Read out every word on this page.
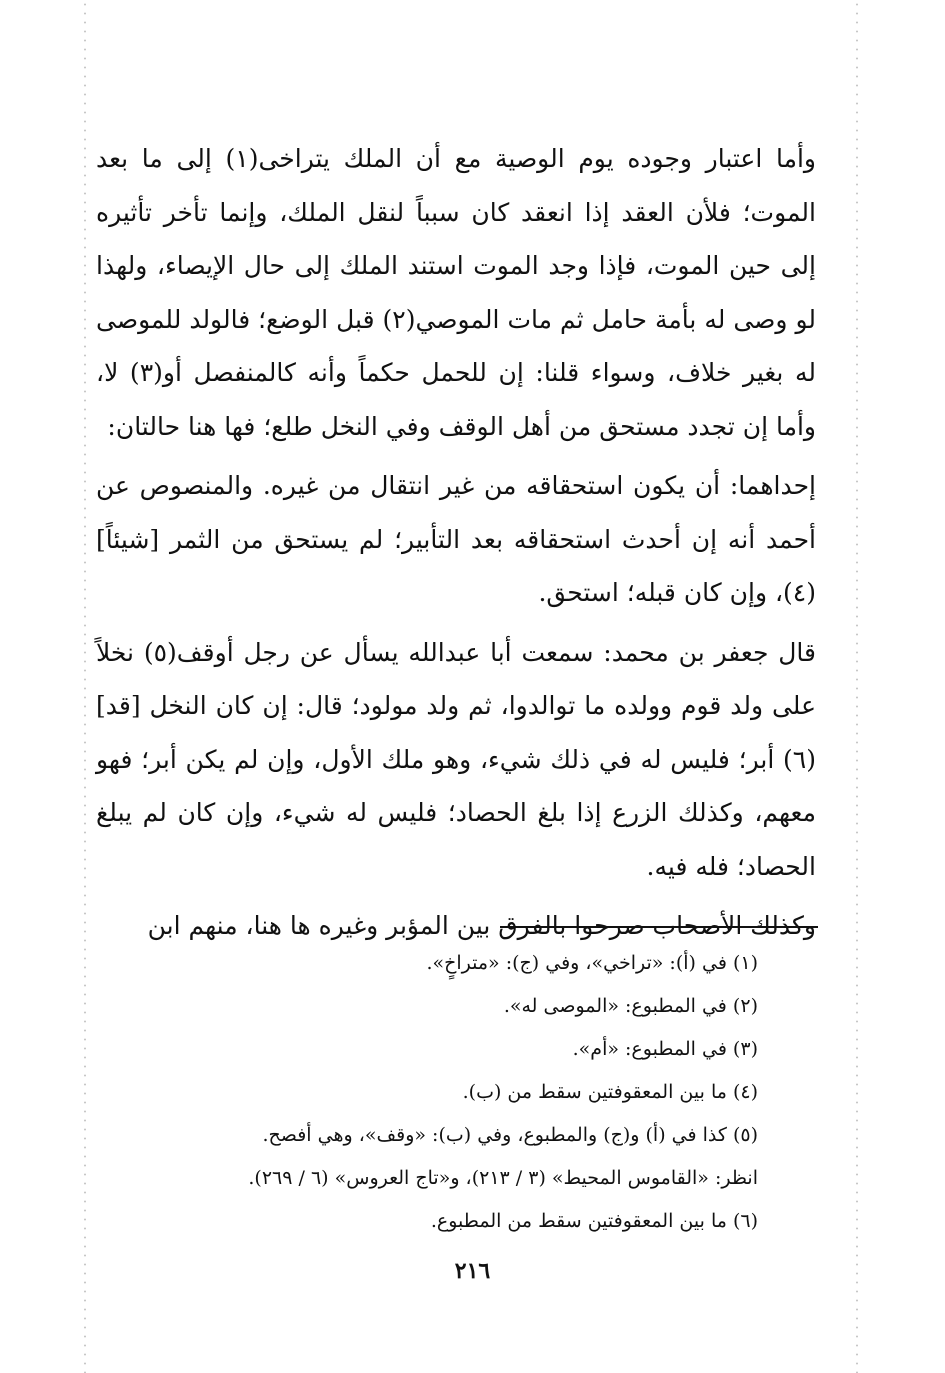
وأما اعتبار وجوده يوم الوصية مع أن الملك يتراخى(١) إلى ما بعد الموت؛ فلأن العقد إذا انعقد كان سبباً لنقل الملك، وإنما تأخر تأثيره إلى حين الموت، فإذا وجد الموت استند الملك إلى حال الإيصاء، ولهذا لو وصى له بأمة حامل ثم مات الموصي(٢) قبل الوضع؛ فالولد للموصى له بغير خلاف، وسواء قلنا: إن للحمل حكماً وأنه كالمنفصل أو(٣) لا، وأما إن تجدد مستحق من أهل الوقف وفي النخل طلع؛ فها هنا حالتان:

إحداهما: أن يكون استحقاقه من غير انتقال من غيره. والمنصوص عن أحمد أنه إن أحدث استحقاقه بعد التأبير؛ لم يستحق من الثمر [شيئاً](٤)، وإن كان قبله؛ استحق.

قال جعفر بن محمد: سمعت أبا عبدالله يسأل عن رجل أوقف(٥) نخلاً على ولد قوم وولده ما توالدوا، ثم ولد مولود؛ قال: إن كان النخل [قد](٦) أبر؛ فليس له في ذلك شيء، وهو ملك الأول، وإن لم يكن أبر؛ فهو معهم، وكذلك الزرع إذا بلغ الحصاد؛ فليس له شيء، وإن كان لم يبلغ الحصاد؛ فله فيه.

وكذلك الأصحاب صرحوا بالفرق بين المؤبر وغيره ها هنا، منهم ابن

(١) في (أ): «تراخي»، وفي (ج): «متراخٍ».

(٢) في المطبوع: «الموصى له».

(٣) في المطبوع: «أم».

(٤) ما بين المعقوفتين سقط من (ب).

(٥) كذا في (أ) و(ج) والمطبوع، وفي (ب): «وقف»، وهي أفصح.

انظر: «القاموس المحيط» (٣ / ٢١٣)، و«تاج العروس» (٦ / ٢٦٩).

(٦) ما بين المعقوفتين سقط من المطبوع.

٢١٦
